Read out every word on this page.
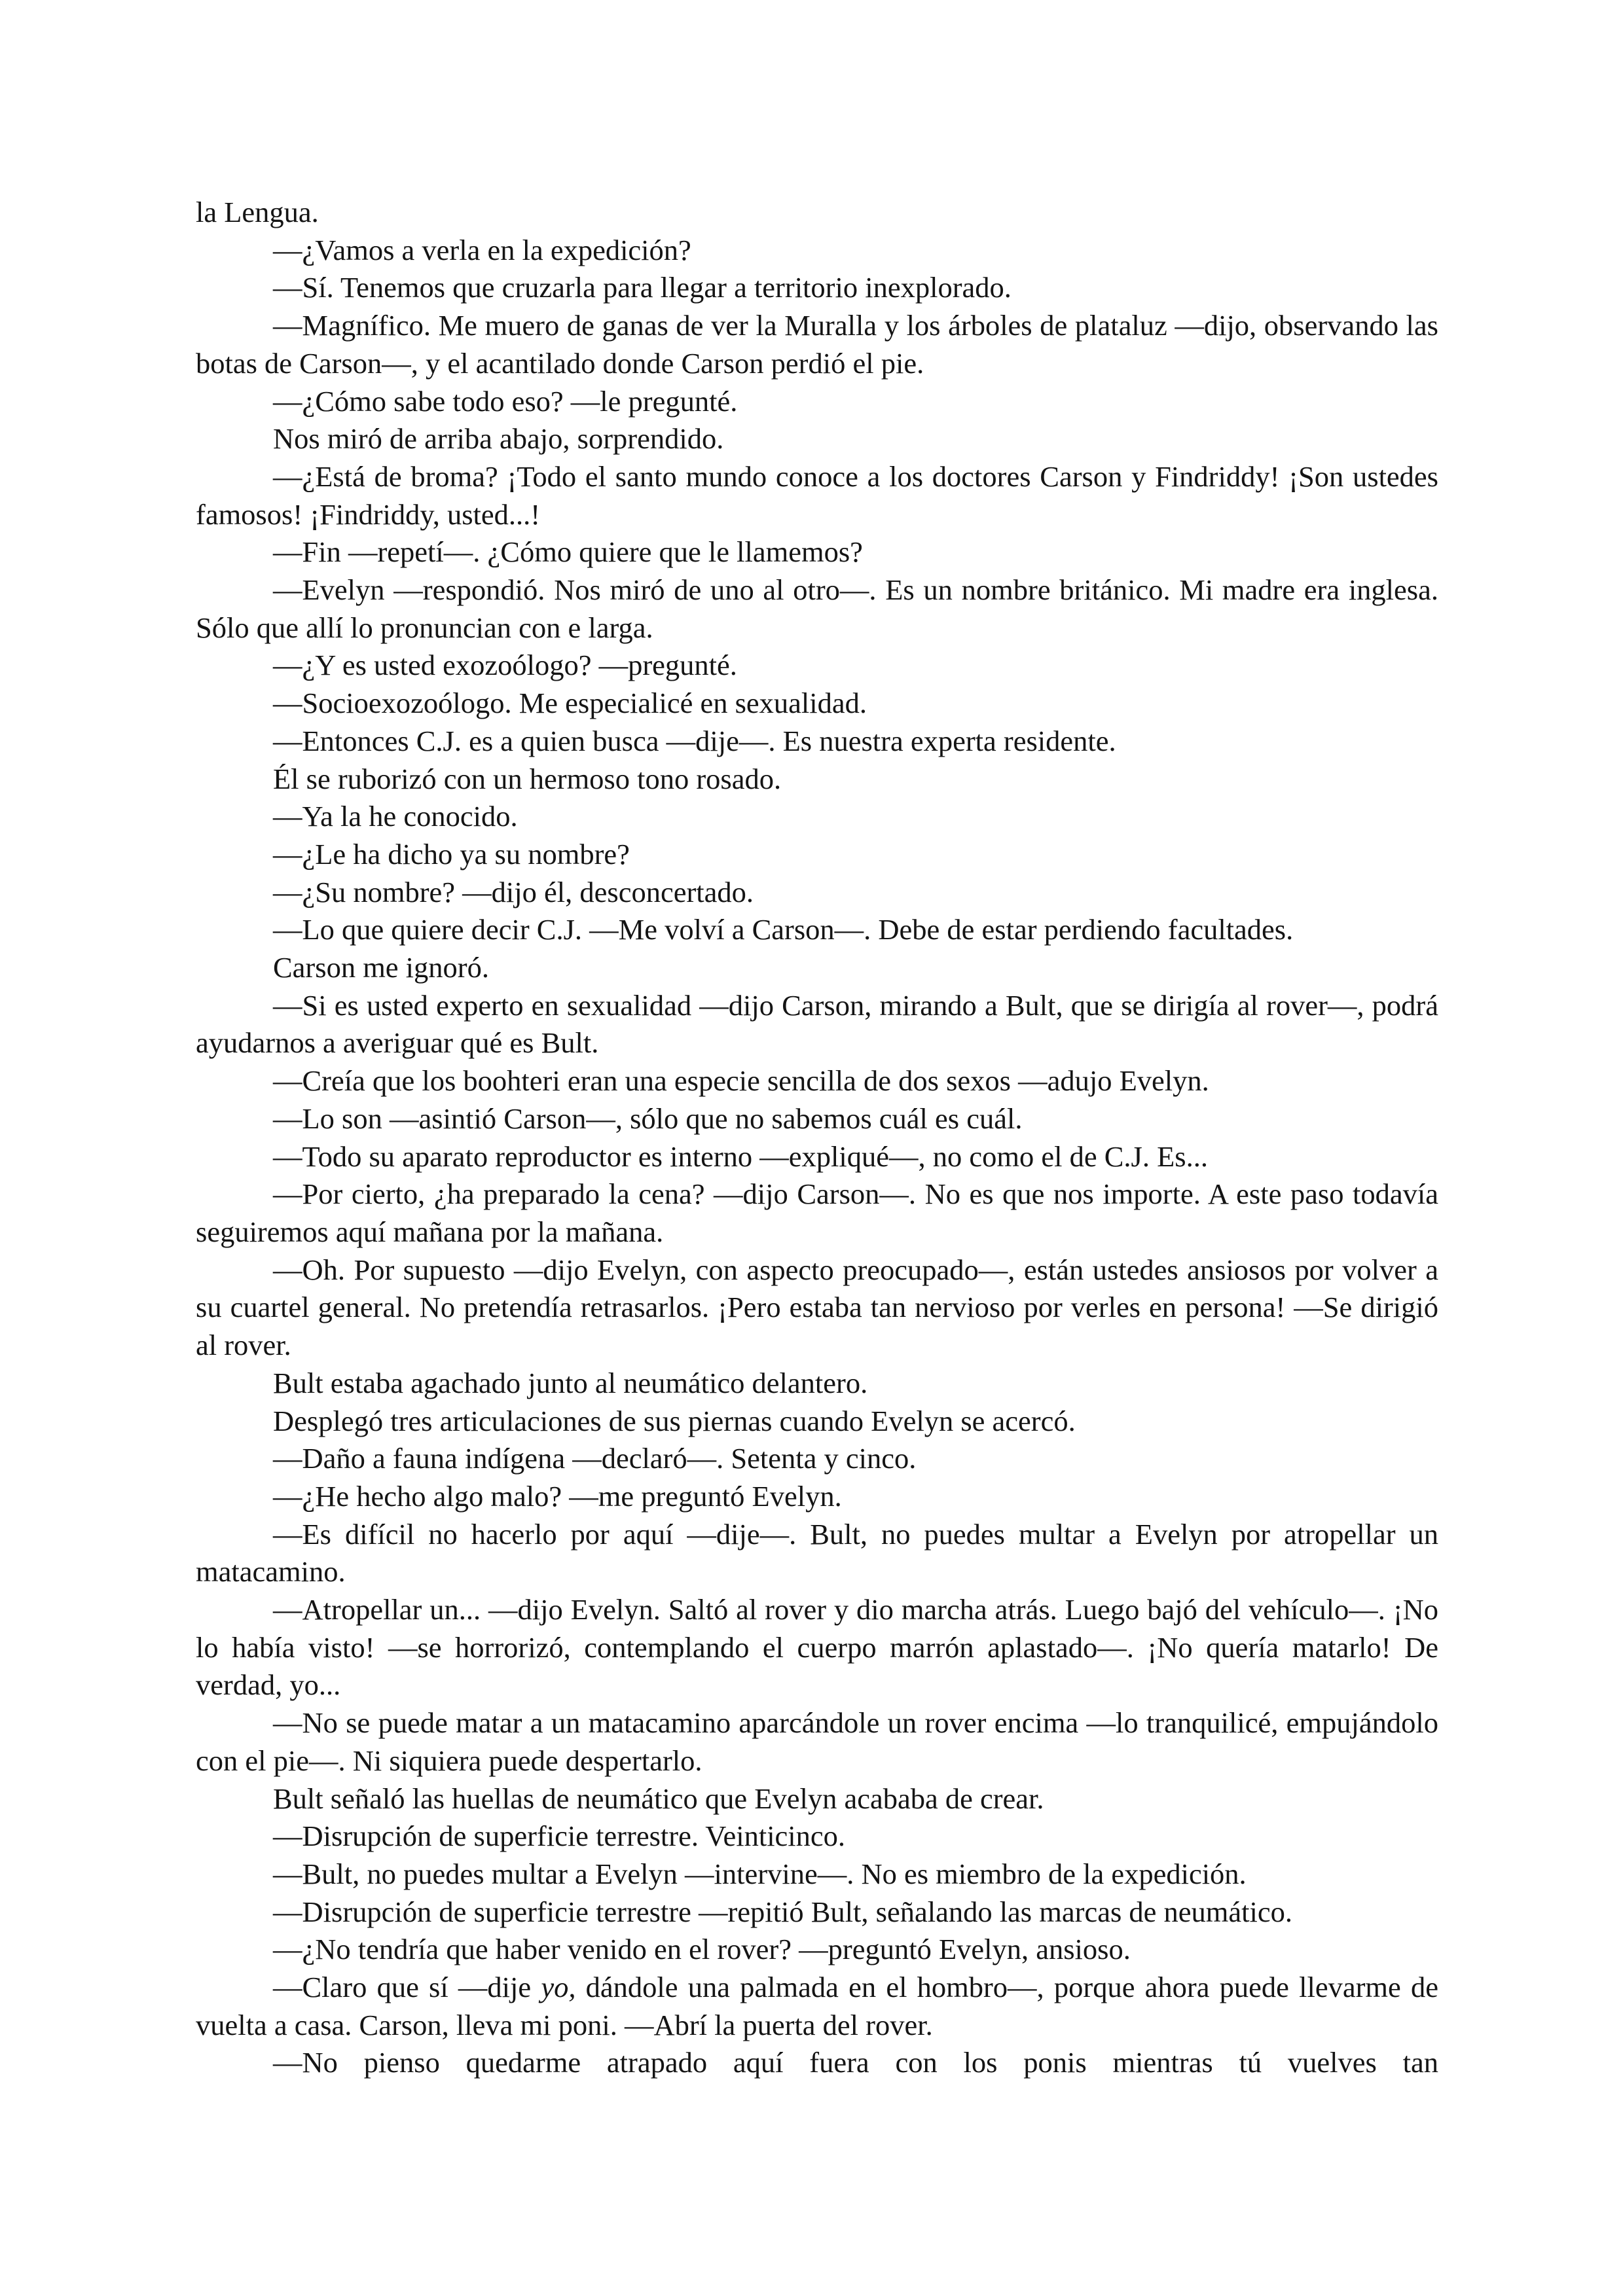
la Lengua.

—¿Vamos a verla en la expedición?

—Sí. Tenemos que cruzarla para llegar a territorio inexplorado.

—Magnífico. Me muero de ganas de ver la Muralla y los árboles de plataluz —dijo, observando las botas de Carson—, y el acantilado donde Carson perdió el pie.

—¿Cómo sabe todo eso? —le pregunté.

Nos miró de arriba abajo, sorprendido.

—¿Está de broma? ¡Todo el santo mundo conoce a los doctores Carson y Findriddy! ¡Son ustedes famosos! ¡Findriddy, usted...!

—Fin —repetí—. ¿Cómo quiere que le llamemos?

—Evelyn —respondió. Nos miró de uno al otro—. Es un nombre británico. Mi madre era inglesa. Sólo que allí lo pronuncian con e larga.

—¿Y es usted exozoólogo? —pregunté.

—Socioexozoólogo. Me especialicé en sexualidad.

—Entonces C.J. es a quien busca —dije—. Es nuestra experta residente.

Él se ruborizó con un hermoso tono rosado.

—Ya la he conocido.

—¿Le ha dicho ya su nombre?

—¿Su nombre? —dijo él, desconcertado.

—Lo que quiere decir C.J. —Me volví a Carson—. Debe de estar perdiendo facultades.

Carson me ignoró.

—Si es usted experto en sexualidad —dijo Carson, mirando a Bult, que se dirigía al rover—, podrá ayudarnos a averiguar qué es Bult.

—Creía que los boohteri eran una especie sencilla de dos sexos —adujo Evelyn.

—Lo son —asintió Carson—, sólo que no sabemos cuál es cuál.

—Todo su aparato reproductor es interno —expliqué—, no como el de C.J. Es...

—Por cierto, ¿ha preparado la cena? —dijo Carson—. No es que nos importe. A este paso todavía seguiremos aquí mañana por la mañana.

—Oh. Por supuesto —dijo Evelyn, con aspecto preocupado—, están ustedes ansiosos por volver a su cuartel general. No pretendía retrasarlos. ¡Pero estaba tan nervioso por verles en persona! —Se dirigió al rover.

Bult estaba agachado junto al neumático delantero.

Desplegó tres articulaciones de sus piernas cuando Evelyn se acercó.

—Daño a fauna indígena —declaró—. Setenta y cinco.

—¿He hecho algo malo? —me preguntó Evelyn.

—Es difícil no hacerlo por aquí —dije—. Bult, no puedes multar a Evelyn por atropellar un matacamino.

—Atropellar un... —dijo Evelyn. Saltó al rover y dio marcha atrás. Luego bajó del vehículo—. ¡No lo había visto! —se horrorizó, contemplando el cuerpo marrón aplastado—. ¡No quería matarlo! De verdad, yo...

—No se puede matar a un matacamino aparcándole un rover encima —lo tranquilicé, empujándolo con el pie—. Ni siquiera puede despertarlo.

Bult señaló las huellas de neumático que Evelyn acababa de crear.

—Disrupción de superficie terrestre. Veinticinco.

—Bult, no puedes multar a Evelyn —intervine—. No es miembro de la expedición.

—Disrupción de superficie terrestre —repitió Bult, señalando las marcas de neumático.

—¿No tendría que haber venido en el rover? —preguntó Evelyn, ansioso.

—Claro que sí —dije yo, dándole una palmada en el hombro—, porque ahora puede llevarme de vuelta a casa. Carson, lleva mi poni. —Abrí la puerta del rover.

—No pienso quedarme atrapado aquí fuera con los ponis mientras tú vuelves tan
